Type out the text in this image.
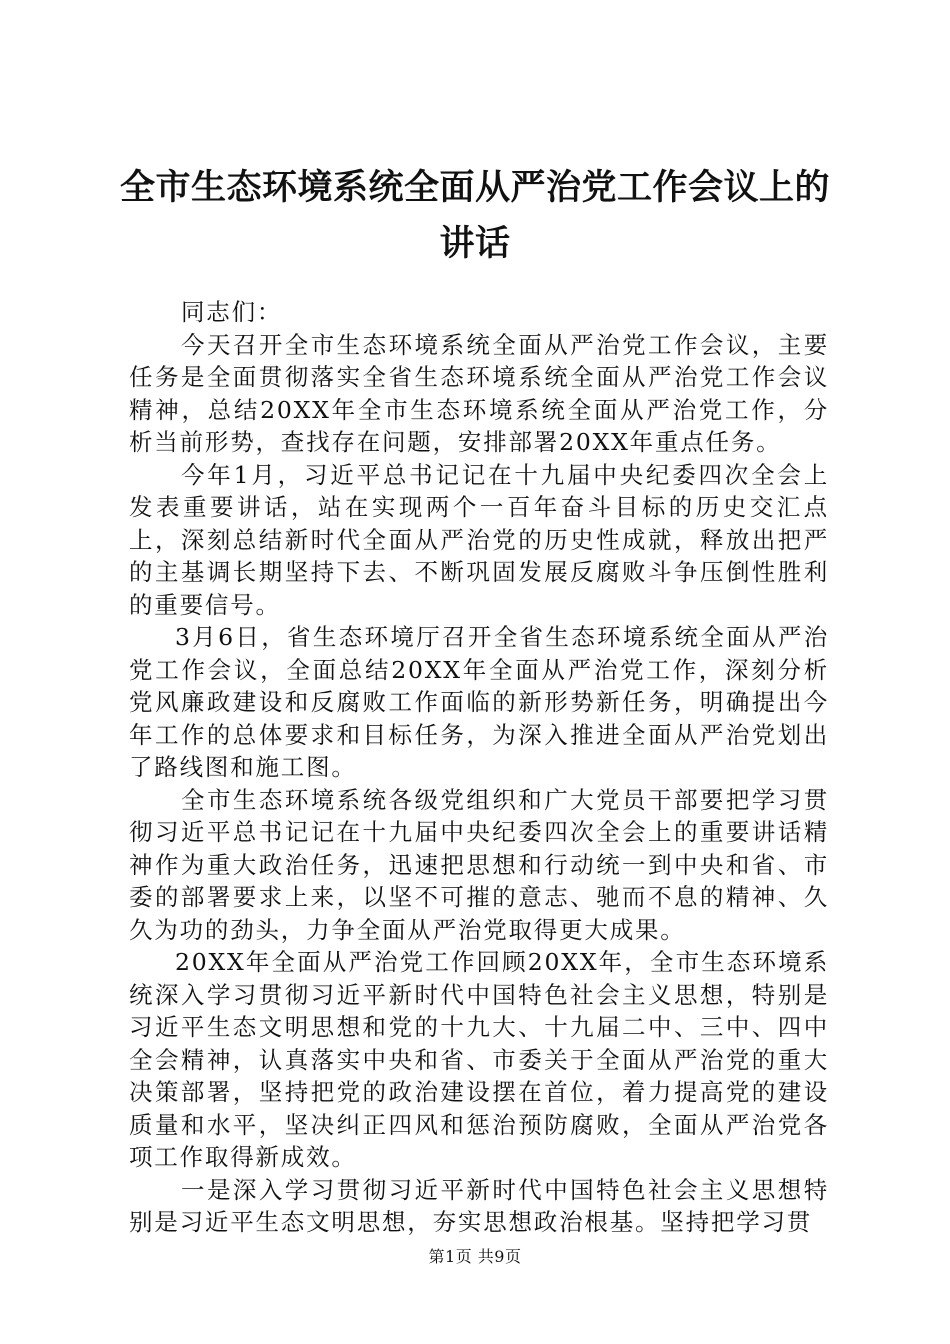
全市生态环境系统全面从严治党工作会议上的
讲话

同志们：

今天召开全市生态环境系统全面从严治党工作会议，主要任务是全面贯彻落实全省生态环境系统全面从严治党工作会议精神，总结20XX年全市生态环境系统全面从严治党工作，分析当前形势，查找存在问题，安排部署20XX年重点任务。

今年1月，习近平总书记记在十九届中央纪委四次全会上发表重要讲话，站在实现两个一百年奋斗目标的历史交汇点上，深刻总结新时代全面从严治党的历史性成就，释放出把严的主基调长期坚持下去、不断巩固发展反腐败斗争压倒性胜利的重要信号。

3月6日，省生态环境厅召开全省生态环境系统全面从严治党工作会议，全面总结20XX年全面从严治党工作，深刻分析党风廉政建设和反腐败工作面临的新形势新任务，明确提出今年工作的总体要求和目标任务，为深入推进全面从严治党划出了路线图和施工图。

全市生态环境系统各级党组织和广大党员干部要把学习贯彻习近平总书记记在十九届中央纪委四次全会上的重要讲话精神作为重大政治任务，迅速把思想和行动统一到中央和省、市委的部署要求上来，以坚不可摧的意志、驰而不息的精神、久久为功的劲头，力争全面从严治党取得更大成果。

20XX年全面从严治党工作回顾20XX年，全市生态环境系统深入学习贯彻习近平新时代中国特色社会主义思想，特别是习近平生态文明思想和党的十九大、十九届二中、三中、四中全会精神，认真落实中央和省、市委关于全面从严治党的重大决策部署，坚持把党的政治建设摆在首位，着力提高党的建设质量和水平，坚决纠正四风和惩治预防腐败，全面从严治党各项工作取得新成效。

一是深入学习贯彻习近平新时代中国特色社会主义思想特别是习近平生态文明思想，夯实思想政治根基。坚持把学习贯

第1页 共9页
